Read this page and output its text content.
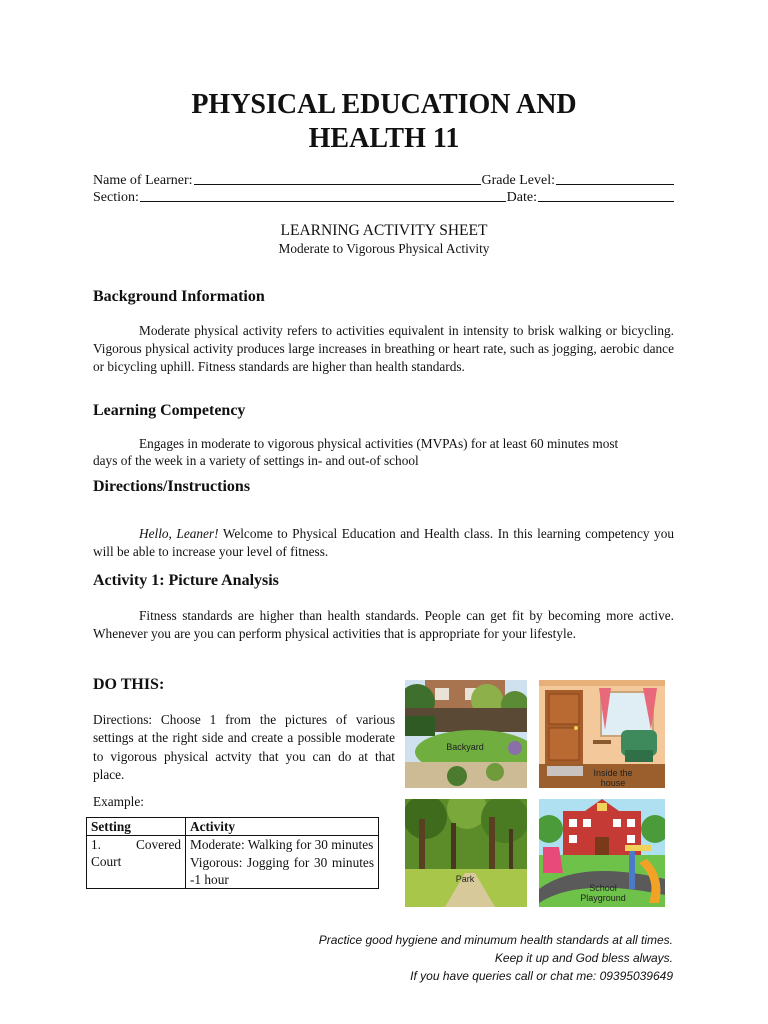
PHYSICAL EDUCATION AND
HEALTH 11
Name of Learner:	Grade Level:
Section:	Date:
LEARNING ACTIVITY SHEET
Moderate to Vigorous Physical Activity
Background Information
Moderate physical activity refers to activities equivalent in intensity to brisk walking or bicycling. Vigorous physical activity produces large increases in breathing or heart rate, such as jogging, aerobic dance or bicycling uphill. Fitness standards are higher than health standards.
Learning Competency
Engages in moderate to vigorous physical activities (MVPAs) for at least 60 minutes most
days of the week in a variety of settings in- and out-of school
Directions/Instructions
Hello, Leaner! Welcome to Physical Education and Health class. In this learning competency you will be able to increase your level of fitness.
Activity 1: Picture Analysis
Fitness standards are higher than health standards. People can get fit by becoming more active. Whenever you are you can perform physical activities that is appropriate for your lifestyle.
DO THIS:
Directions: Choose 1 from the pictures of various settings at the right side and create a possible moderate to vigorous physical actvity that you can do at that place.
Example:
Setting	Activity
1. Covered Court	Moderate: Walking for 30 minutes
Vigorous: Jogging for 30 minutes -1 hour
Backyard
Inside the house
Park
School Playground
Practice good hygiene and minumum health standards at all times.
Keep it up and God bless always.
If you have queries call or chat me: 09395039649
